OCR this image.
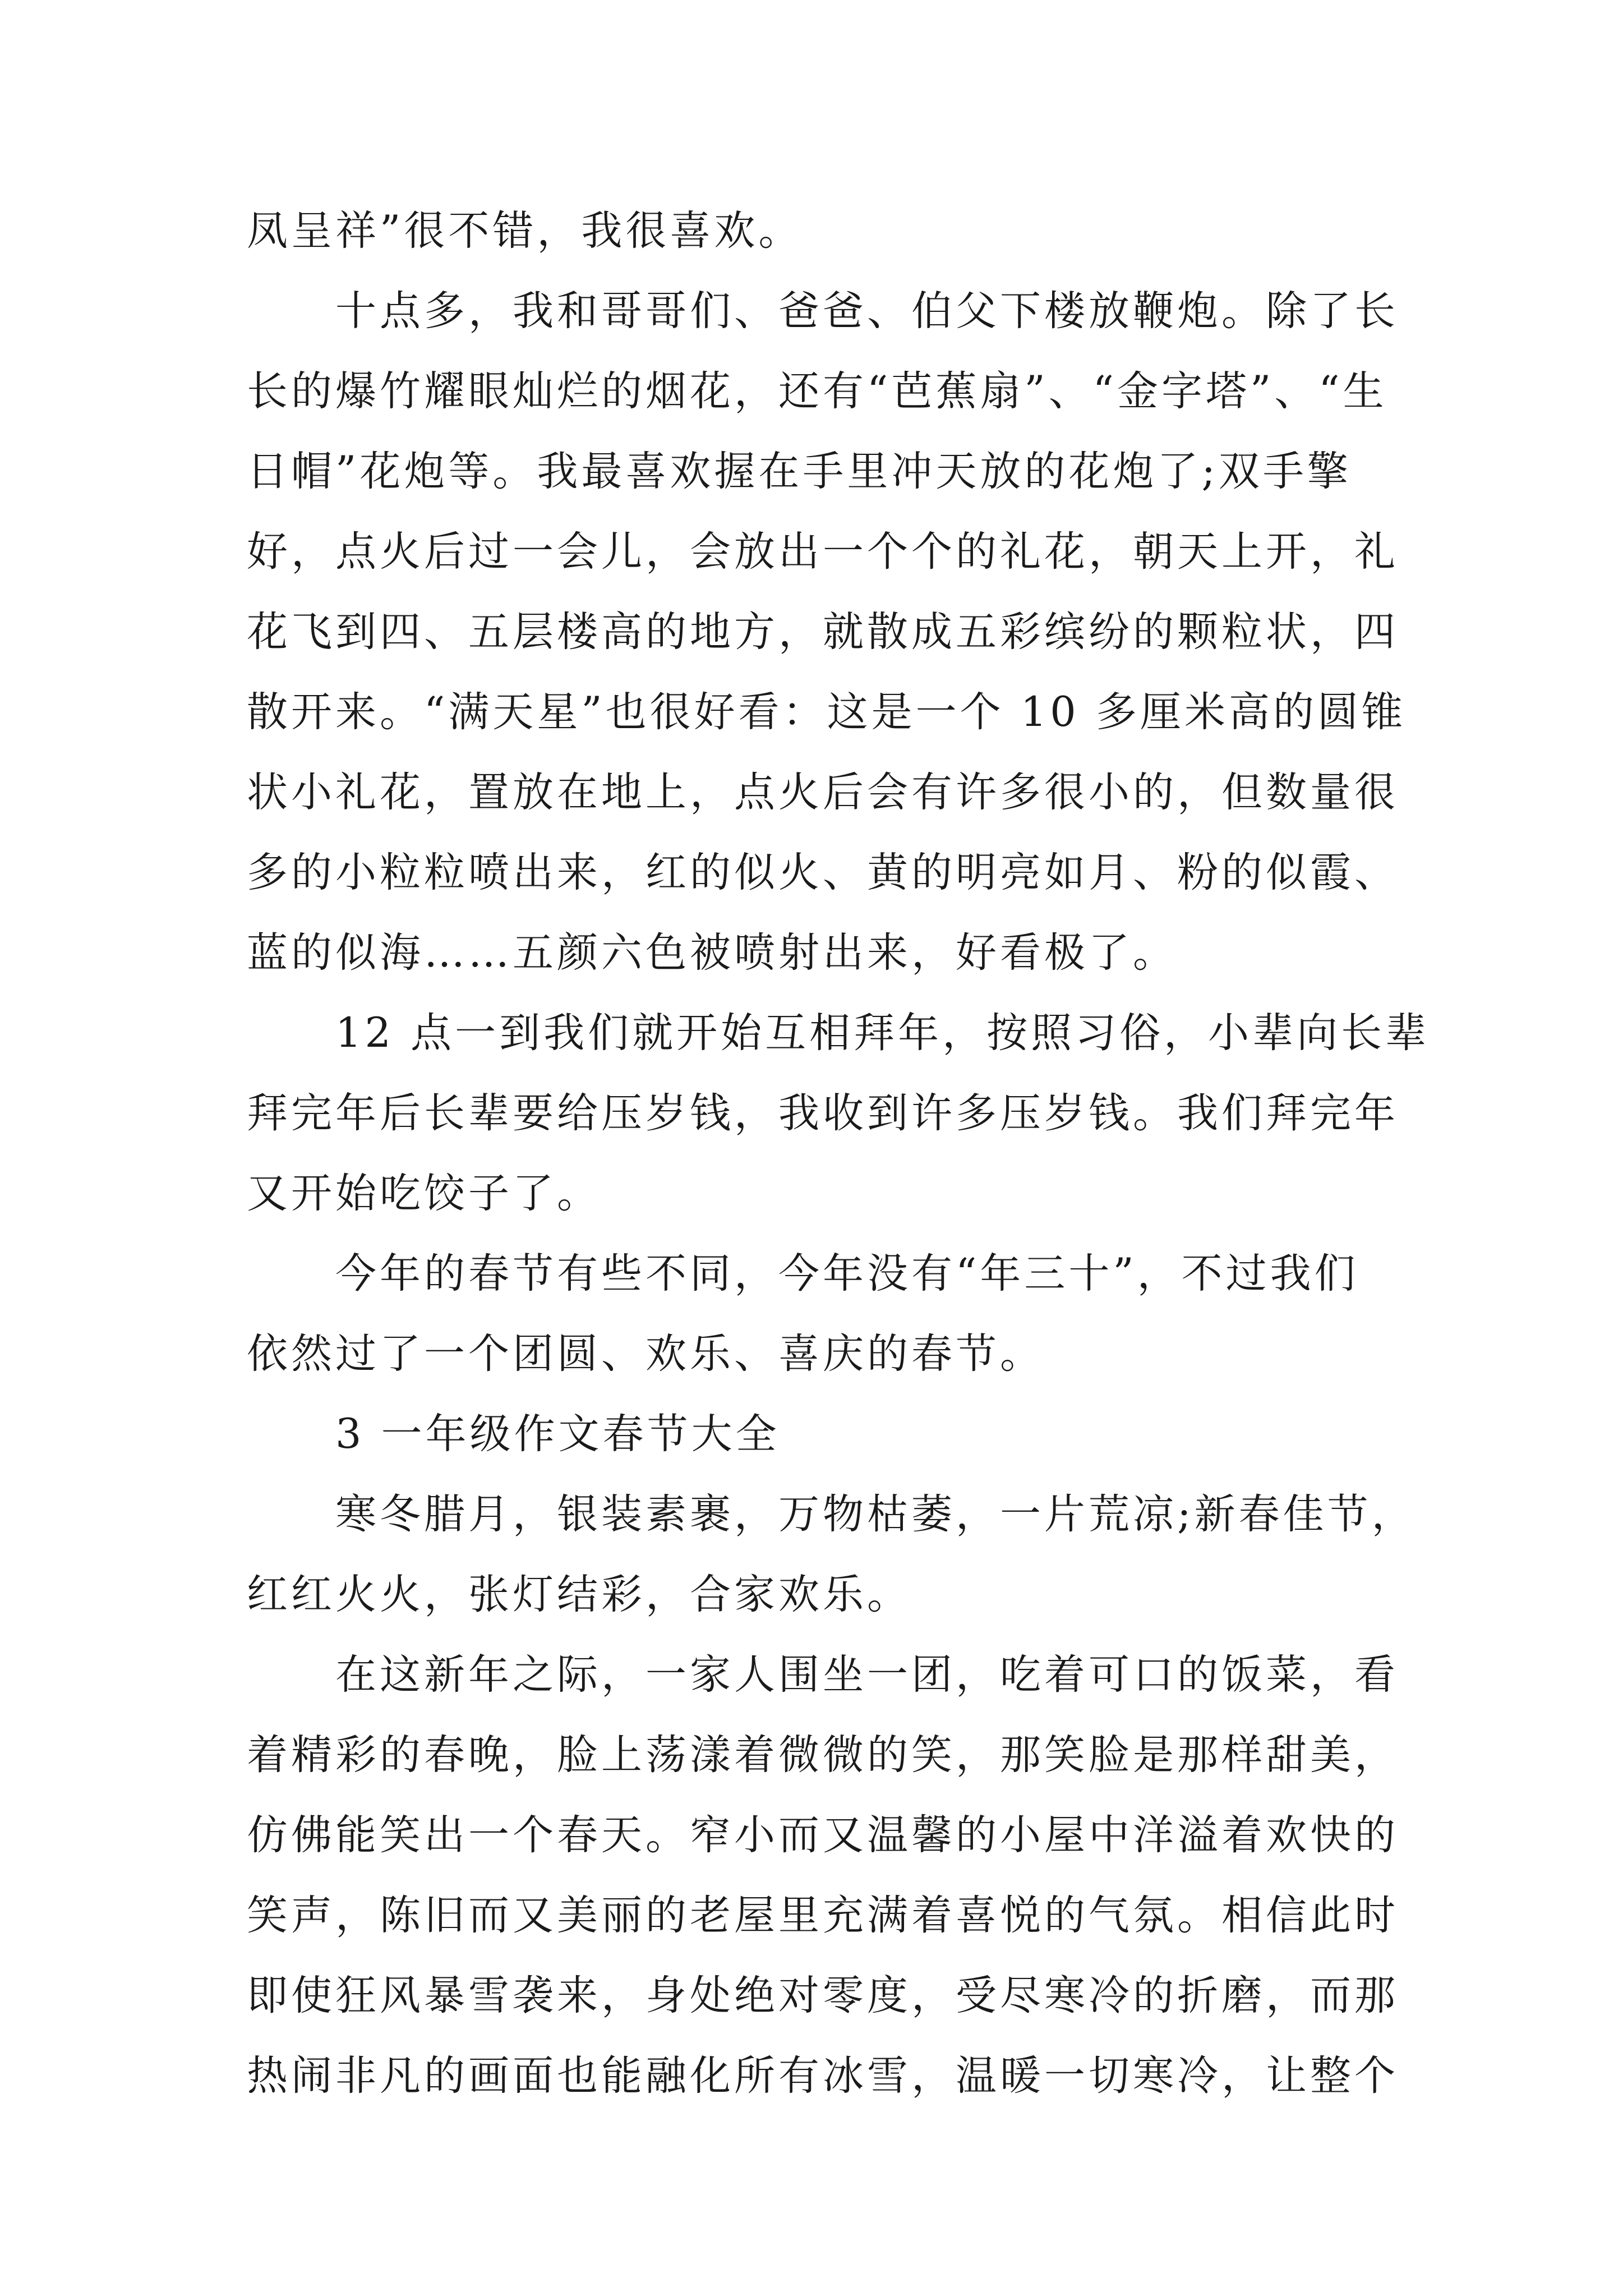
凤呈祥”很不错，我很喜欢。

十点多，我和哥哥们、爸爸、伯父下楼放鞭炮。除了长
长的爆竹耀眼灿烂的烟花，还有“芭蕉扇”、“金字塔”、“生
日帽”花炮等。我最喜欢握在手里冲天放的花炮了;双手擎
好，点火后过一会儿，会放出一个个的礼花，朝天上开，礼
花飞到四、五层楼高的地方，就散成五彩缤纷的颗粒状，四
散开来。“满天星”也很好看：这是一个 10 多厘米高的圆锥
状小礼花，置放在地上，点火后会有许多很小的，但数量很
多的小粒粒喷出来，红的似火、黄的明亮如月、粉的似霞、
蓝的似海……五颜六色被喷射出来，好看极了。

12 点一到我们就开始互相拜年，按照习俗，小辈向长辈
拜完年后长辈要给压岁钱，我收到许多压岁钱。我们拜完年
又开始吃饺子了。

今年的春节有些不同，今年没有“年三十”，不过我们
依然过了一个团圆、欢乐、喜庆的春节。

3 一年级作文春节大全

寒冬腊月，银装素裹，万物枯萎，一片荒凉;新春佳节，
红红火火，张灯结彩，合家欢乐。

在这新年之际，一家人围坐一团，吃着可口的饭菜，看
着精彩的春晚，脸上荡漾着微微的笑，那笑脸是那样甜美，
仿佛能笑出一个春天。窄小而又温馨的小屋中洋溢着欢快的
笑声，陈旧而又美丽的老屋里充满着喜悦的气氛。相信此时
即使狂风暴雪袭来，身处绝对零度，受尽寒冷的折磨，而那
热闹非凡的画面也能融化所有冰雪，温暖一切寒冷，让整个
